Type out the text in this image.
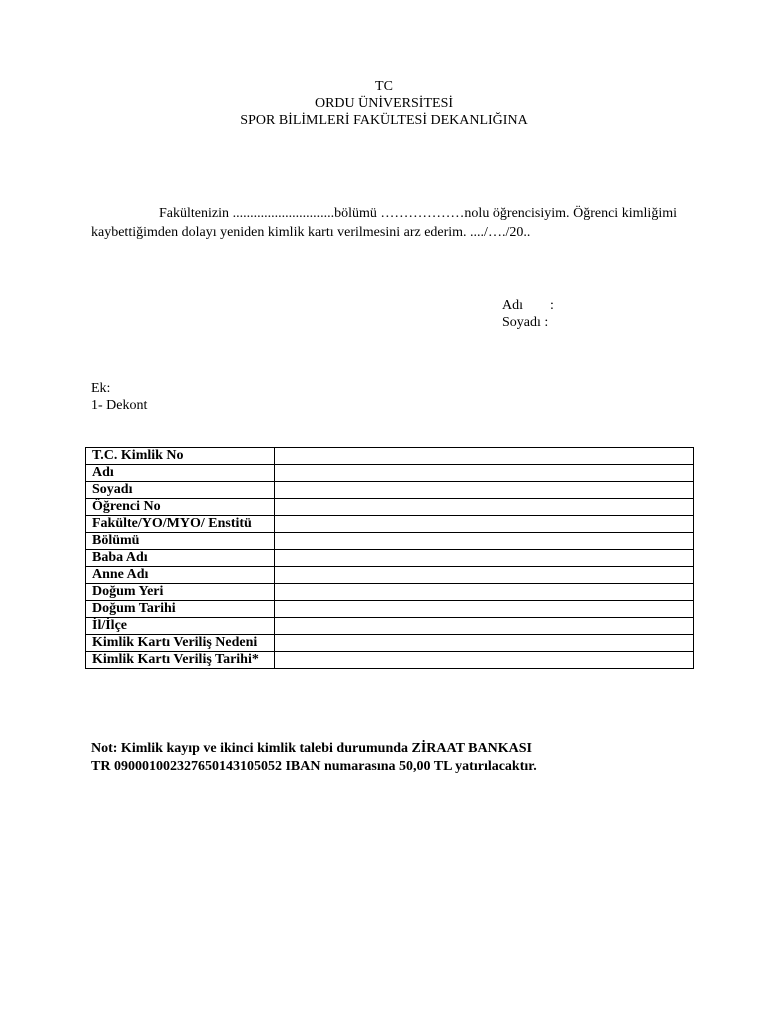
TC
ORDU ÜNİVERSİTESİ
SPOR BİLİMLERİ FAKÜLTESİ DEKANLIĞINA
Fakültenizin .............................bölümü ………………nolu öğrencisiyim. Öğrenci kimliğimi kaybettiğimden dolayı yeniden kimlik kartı verilmesini arz ederim. ..../…./20..
Adı :
Soyadı :
Ek:
1- Dekont
T.C. Kimlik No	
Adı	
Soyadı	
Öğrenci No	
Fakülte/YO/MYO/ Enstitü	
Bölümü	
Baba Adı	
Anne Adı	
Doğum Yeri	
Doğum Tarihi	
İl/İlçe	
Kimlik Kartı Veriliş Nedeni	
Kimlik Kartı Veriliş Tarihi*	
Not: Kimlik kayıp ve ikinci kimlik talebi durumunda ZİRAAT BANKASI
TR 090001002327650143105052 IBAN numarasına 50,00 TL yatırılacaktır.
